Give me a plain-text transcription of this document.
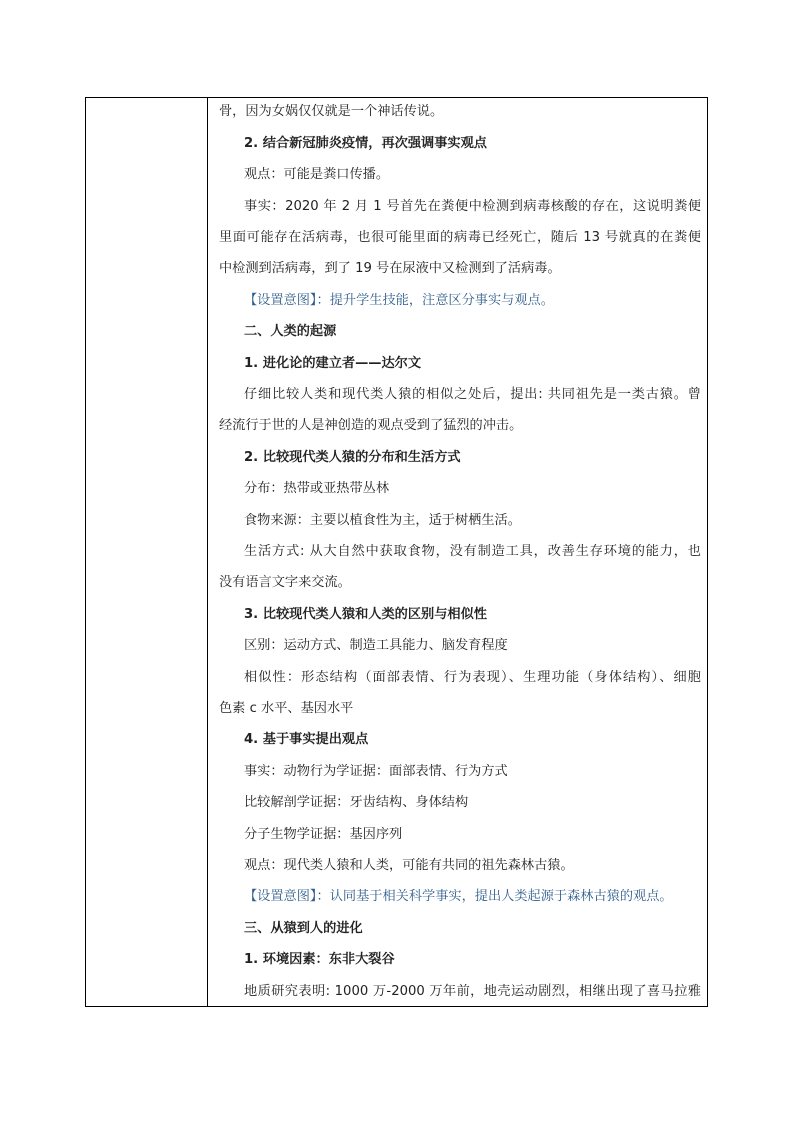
骨，因为女娲仅仅就是一个神话传说。
2. 结合新冠肺炎疫情，再次强调事实观点
观点：可能是粪口传播。
事实：2020 年 2 月 1 号首先在粪便中检测到病毒核酸的存在，这说明粪便
里面可能存在活病毒，也很可能里面的病毒已经死亡，随后 13 号就真的在粪便
中检测到活病毒，到了 19 号在尿液中又检测到了活病毒。
【设置意图】：提升学生技能，注意区分事实与观点。
二、人类的起源
1. 进化论的建立者——达尔文
仔细比较人类和现代类人猿的相似之处后，提出: 共同祖先是一类古猿。曾
经流行于世的人是神创造的观点受到了猛烈的冲击。
2. 比较现代类人猿的分布和生活方式
分布：热带或亚热带丛林
食物来源：主要以植食性为主，适于树栖生活。
生活方式: 从大自然中获取食物，没有制造工具，改善生存环境的能力，也
没有语言文字来交流。
3. 比较现代类人猿和人类的区别与相似性
区别：运动方式、制造工具能力、脑发育程度
相似性：形态结构（面部表情、行为表现）、生理功能（身体结构）、细胞
色素 c 水平、基因水平
4. 基于事实提出观点
事实：动物行为学证据：面部表情、行为方式
比较解剖学证据：牙齿结构、身体结构
分子生物学证据：基因序列
观点：现代类人猿和人类，可能有共同的祖先森林古猿。
【设置意图】：认同基于相关科学事实，提出人类起源于森林古猿的观点。
三、从猿到人的进化
1. 环境因素：东非大裂谷
地质研究表明: 1000 万-2000 万年前，地壳运动剧烈，相继出现了喜马拉雅
